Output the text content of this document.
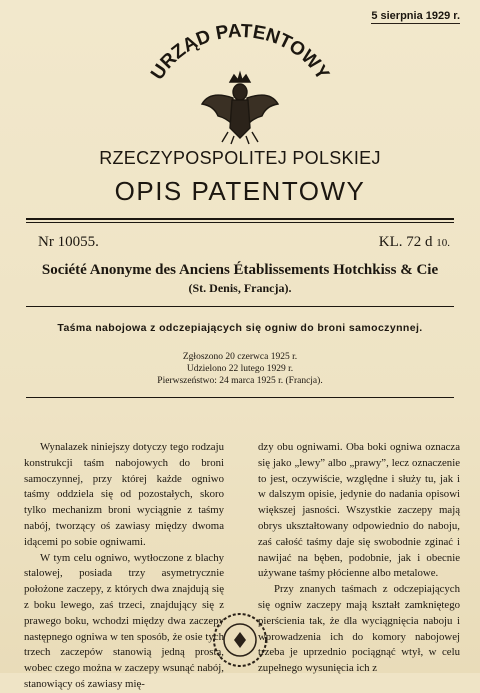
5 sierpnia 1929 r.
URZĄD PATENTOWY
RZECZYPOSPOLITEJ POLSKIEJ
OPIS PATENTOWY
Nr 10055.	KL. 72 d 10.
Société Anonyme des Anciens Établissements Hotchkiss & Cie
(St. Denis, Francja).
Taśma nabojowa z odczepiających się ogniw do broni samoczynnej.
Zgłoszono 20 czerwca 1925 r.
Udzielono 22 lutego 1929 r.
Pierwszeństwo: 24 marca 1925 r. (Francja).

Wynalazek niniejszy dotyczy tego rodzaju konstrukcji taśm nabojowych do broni samoczynnej, przy której każde ogniwo taśmy oddziela się od pozostałych, skoro tylko mechanizm broni wyciągnie z taśmy nabój, tworzący oś zawiasy między dwoma idącemi po sobie ogniwami.

W tym celu ogniwo, wytłoczone z blachy stalowej, posiada trzy asymetrycznie położone zaczepy, z których dwa znajdują się z boku lewego, zaś trzeci, znajdujący się z prawego boku, wchodzi między dwa zaczepy następnego ogniwa w ten sposób, że osie tych trzech zaczepów stanowią jedną prostą, wobec czego można w zaczepy wsunąć nabój, stanowiący oś zawiasy mię-

dzy obu ogniwami. Oba boki ogniwa oznacza się jako „lewy” albo „prawy”, lecz oznaczenie to jest, oczywiście, względne i służy tu, jak i w dalszym opisie, jedynie do nadania opisowi większej jasności. Wszystkie zaczepy mają obrys ukształtowany odpowiednio do naboju, zaś całość taśmy daje się swobodnie zginać i nawijać na bęben, podobnie, jak i obecnie używane taśmy płócienne albo metalowe.

Przy znanych taśmach z odczepiających się ogniw zaczepy mają kształt zamkniętego pierścienia tak, że dla wyciągnięcia naboju i wprowadzenia ich do komory nabojowej trzeba je uprzednio pociągnąć wtył, w celu zupełnego wysunięcia ich z
